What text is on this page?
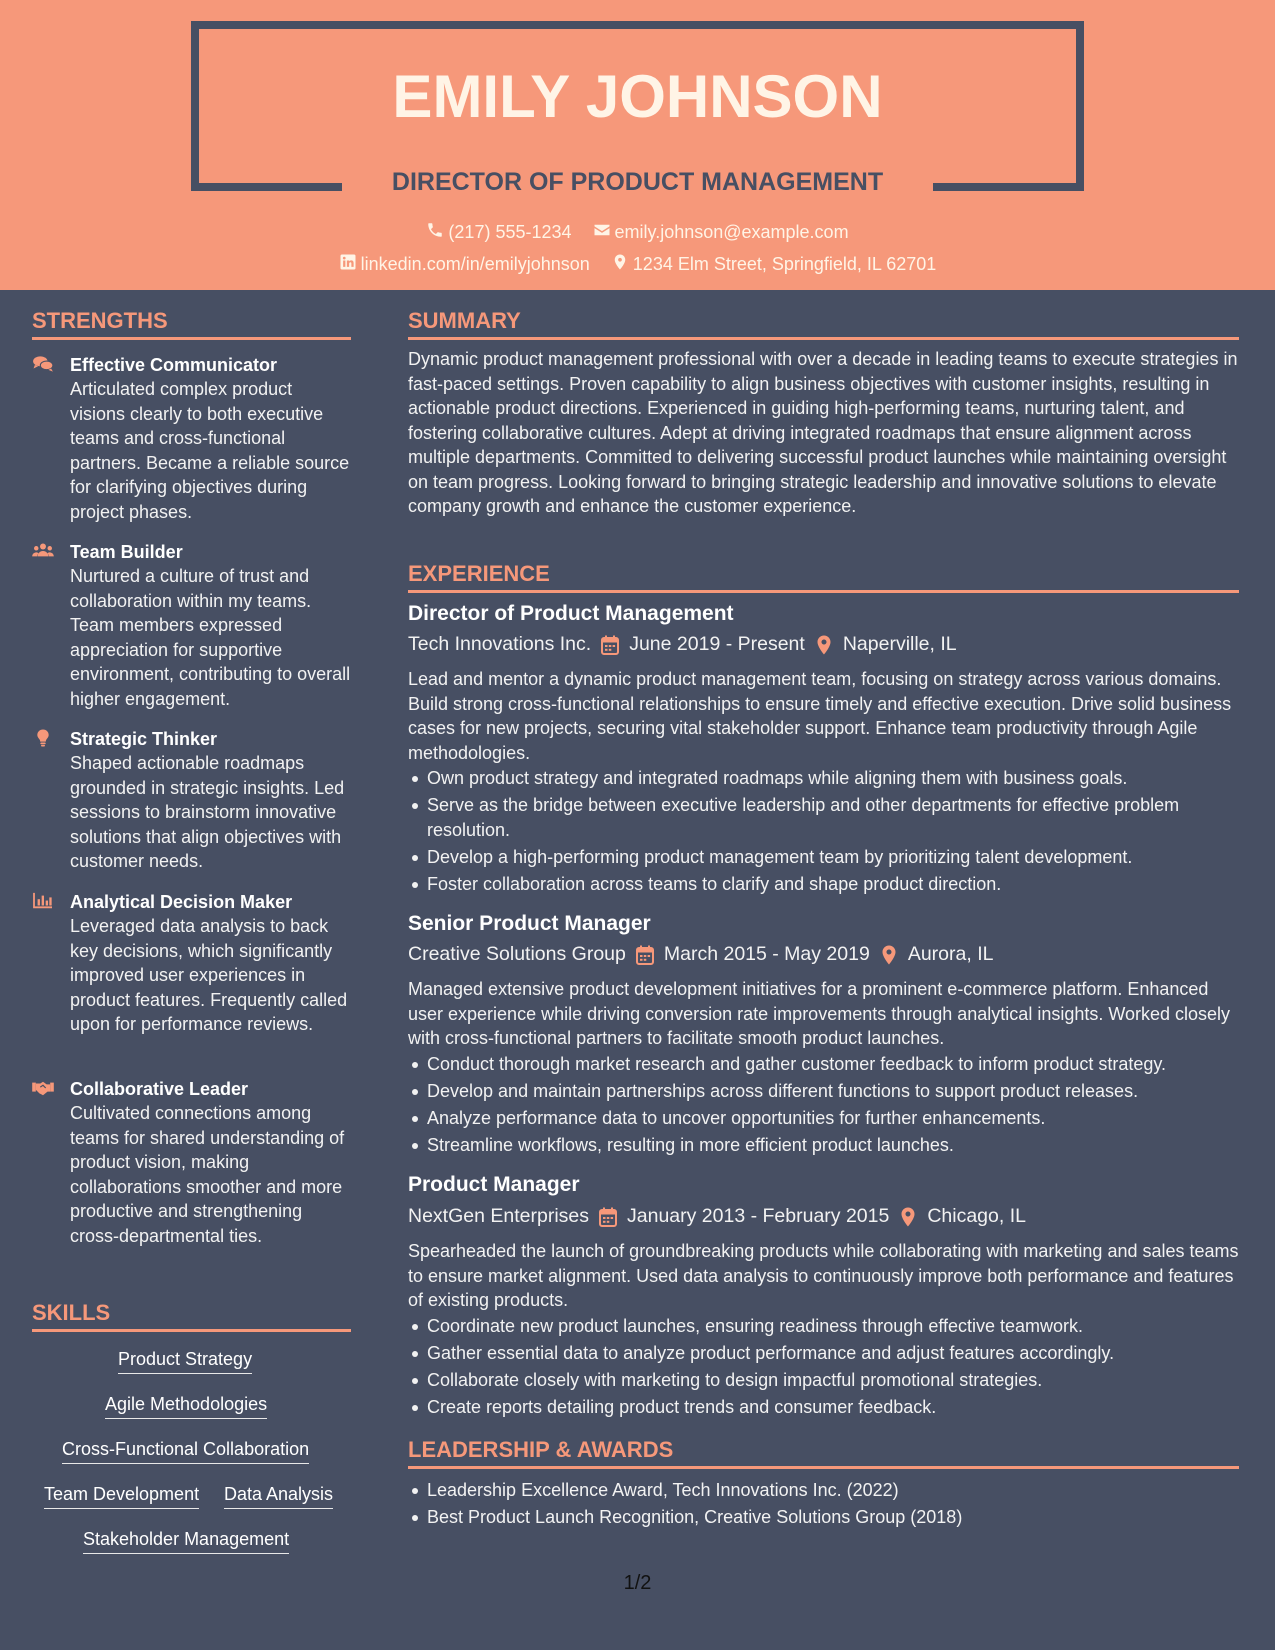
EMILY JOHNSON
DIRECTOR OF PRODUCT MANAGEMENT
(217) 555-1234
emily.johnson@example.com
linkedin.com/in/emilyjohnson
1234 Elm Street, Springfield, IL 62701
STRENGTHS
Effective Communicator
Articulated complex product visions clearly to both executive teams and cross-functional partners. Became a reliable source for clarifying objectives during project phases.
Team Builder
Nurtured a culture of trust and collaboration within my teams. Team members expressed appreciation for supportive environment, contributing to overall higher engagement.
Strategic Thinker
Shaped actionable roadmaps grounded in strategic insights. Led sessions to brainstorm innovative solutions that align objectives with customer needs.
Analytical Decision Maker
Leveraged data analysis to back key decisions, which significantly improved user experiences in product features. Frequently called upon for performance reviews.
Collaborative Leader
Cultivated connections among teams for shared understanding of product vision, making collaborations smoother and more productive and strengthening cross-departmental ties.
SKILLS
Product Strategy
Agile Methodologies
Cross-Functional Collaboration
Team Development Data Analysis
Stakeholder Management
SUMMARY
Dynamic product management professional with over a decade in leading teams to execute strategies in fast-paced settings. Proven capability to align business objectives with customer insights, resulting in actionable product directions. Experienced in guiding high-performing teams, nurturing talent, and fostering collaborative cultures. Adept at driving integrated roadmaps that ensure alignment across multiple departments. Committed to delivering successful product launches while maintaining oversight on team progress. Looking forward to bringing strategic leadership and innovative solutions to elevate company growth and enhance the customer experience.
EXPERIENCE
Director of Product Management
Tech Innovations Inc. June 2019 - Present Naperville, IL
Lead and mentor a dynamic product management team, focusing on strategy across various domains. Build strong cross-functional relationships to ensure timely and effective execution. Drive solid business cases for new projects, securing vital stakeholder support. Enhance team productivity through Agile methodologies.
Own product strategy and integrated roadmaps while aligning them with business goals.
Serve as the bridge between executive leadership and other departments for effective problem resolution.
Develop a high-performing product management team by prioritizing talent development.
Foster collaboration across teams to clarify and shape product direction.
Senior Product Manager
Creative Solutions Group March 2015 - May 2019 Aurora, IL
Managed extensive product development initiatives for a prominent e-commerce platform. Enhanced user experience while driving conversion rate improvements through analytical insights. Worked closely with cross-functional partners to facilitate smooth product launches.
Conduct thorough market research and gather customer feedback to inform product strategy.
Develop and maintain partnerships across different functions to support product releases.
Analyze performance data to uncover opportunities for further enhancements.
Streamline workflows, resulting in more efficient product launches.
Product Manager
NextGen Enterprises January 2013 - February 2015 Chicago, IL
Spearheaded the launch of groundbreaking products while collaborating with marketing and sales teams to ensure market alignment. Used data analysis to continuously improve both performance and features of existing products.
Coordinate new product launches, ensuring readiness through effective teamwork.
Gather essential data to analyze product performance and adjust features accordingly.
Collaborate closely with marketing to design impactful promotional strategies.
Create reports detailing product trends and consumer feedback.
LEADERSHIP & AWARDS
Leadership Excellence Award, Tech Innovations Inc. (2022)
Best Product Launch Recognition, Creative Solutions Group (2018)
1/2
